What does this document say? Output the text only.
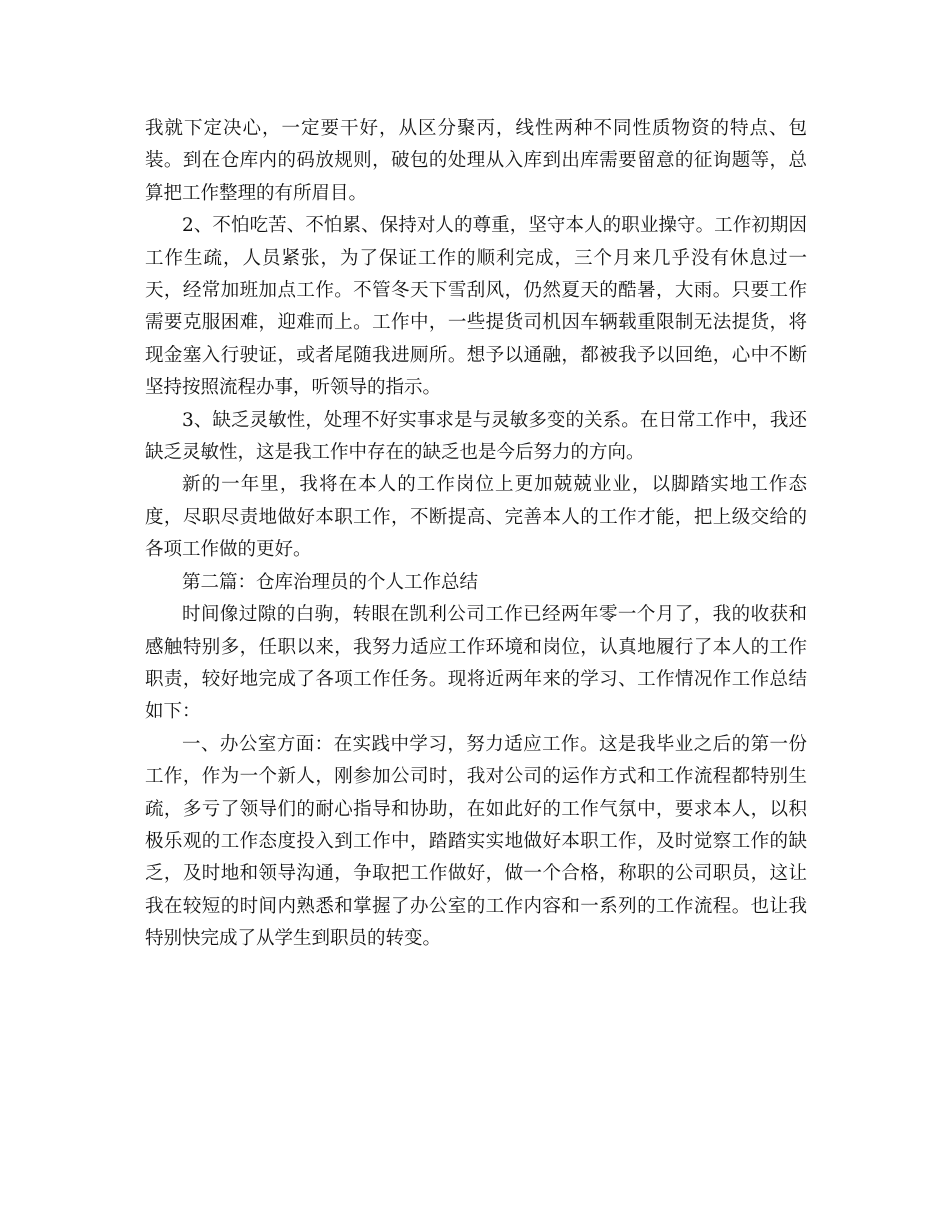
我就下定决心，一定要干好，从区分聚丙，线性两种不同性质物资的特点、包装。到在仓库内的码放规则，破包的处理从入库到出库需要留意的征询题等，总算把工作整理的有所眉目。

2、不怕吃苦、不怕累、保持对人的尊重，坚守本人的职业操守。工作初期因工作生疏，人员紧张，为了保证工作的顺利完成，三个月来几乎没有休息过一天，经常加班加点工作。不管冬天下雪刮风，仍然夏天的酷暑，大雨。只要工作需要克服困难，迎难而上。工作中，一些提货司机因车辆载重限制无法提货，将现金塞入行驶证，或者尾随我进厕所。想予以通融，都被我予以回绝，心中不断坚持按照流程办事，听领导的指示。

3、缺乏灵敏性，处理不好实事求是与灵敏多变的关系。在日常工作中，我还缺乏灵敏性，这是我工作中存在的缺乏也是今后努力的方向。

新的一年里，我将在本人的工作岗位上更加兢兢业业，以脚踏实地工作态度，尽职尽责地做好本职工作，不断提高、完善本人的工作才能，把上级交给的各项工作做的更好。

第二篇：仓库治理员的个人工作总结

时间像过隙的白驹，转眼在凯利公司工作已经两年零一个月了，我的收获和感触特别多，任职以来，我努力适应工作环境和岗位，认真地履行了本人的工作职责，较好地完成了各项工作任务。现将近两年来的学习、工作情况作工作总结如下：

一、办公室方面：在实践中学习，努力适应工作。这是我毕业之后的第一份工作，作为一个新人，刚参加公司时，我对公司的运作方式和工作流程都特别生疏，多亏了领导们的耐心指导和协助，在如此好的工作气氛中，要求本人，以积极乐观的工作态度投入到工作中，踏踏实实地做好本职工作，及时觉察工作的缺乏，及时地和领导沟通，争取把工作做好，做一个合格，称职的公司职员，这让我在较短的时间内熟悉和掌握了办公室的工作内容和一系列的工作流程。也让我特别快完成了从学生到职员的转变。
